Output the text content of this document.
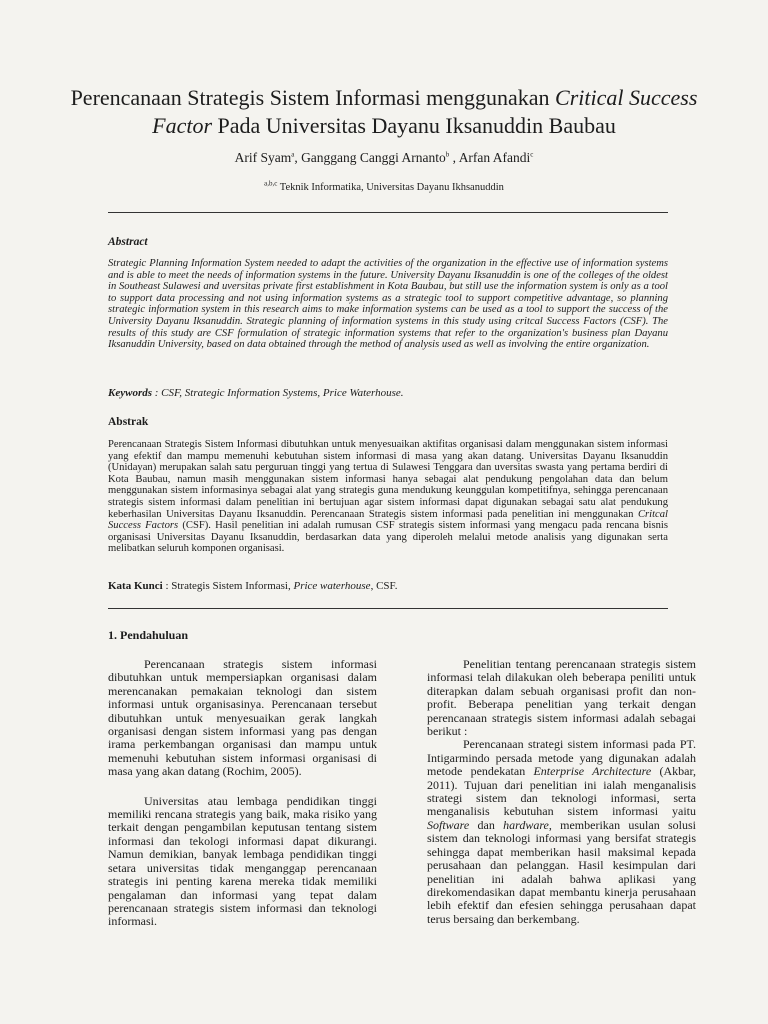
Perencanaan Strategis Sistem Informasi menggunakan Critical Success Factor Pada Universitas Dayanu Iksanuddin Baubau
Arif Syam$^a$, Ganggang Canggi Arnanto$^b$ , Arfan Afandi$^c$
$^{a,b,c}$ Teknik Informatika, Universitas Dayanu Ikhsanuddin
Abstract

Strategic Planning Information System needed to adapt the activities of the organization in the effective use of information systems and is able to meet the needs of information systems in the future. University Dayanu Iksanuddin is one of the colleges of the oldest in Southeast Sulawesi and uversitas private first establishment in Kota Baubau, but still use the information system is only as a tool to support data processing and not using information systems as a strategic tool to support competitive advantage, so planning strategic information system in this research aims to make information systems can be used as a tool to support the success of the University Dayanu Iksanuddin. Strategic planning of information systems in this study using critcal Success Factors (CSF). The results of this study are CSF formulation of strategic information systems that refer to the organization's business plan Dayanu Iksanuddin University, based on data obtained through the method of analysis used as well as involving the entire organization.

Keywords : CSF, Strategic Information Systems, Price Waterhouse.
Abstrak

Perencanaan Strategis Sistem Informasi dibutuhkan untuk menyesuaikan aktifitas organisasi dalam menggunakan sistem informasi yang efektif dan mampu memenuhi kebutuhan sistem informasi di masa yang akan datang. Universitas Dayanu Iksanuddin (Unidayan) merupakan salah satu perguruan tinggi yang tertua di Sulawesi Tenggara dan uversitas swasta yang pertama berdiri di Kota Baubau, namun masih menggunakan sistem informasi hanya sebagai alat pendukung pengolahan data dan belum menggunakan sistem informasinya sebagai alat yang strategis guna mendukung keunggulan kompetitifnya, sehingga perencanaan strategis sistem informasi dalam penelitian ini bertujuan agar sistem informasi dapat digunakan sebagai satu alat pendukung keberhasilan Universitas Dayanu Iksanuddin. Perencanaan Strategis sistem informasi pada penelitian ini menggunakan Critcal Success Factors (CSF). Hasil penelitian ini adalah rumusan CSF strategis sistem informasi yang mengacu pada rencana bisnis organisasi Universitas Dayanu Iksanuddin, berdasarkan data yang diperoleh melalui metode analisis yang digunakan serta melibatkan seluruh komponen organisasi.

Kata Kunci : Strategis Sistem Informasi, Price waterhouse, CSF.
1. Pendahuluan

Perencanaan strategis sistem informasi dibutuhkan untuk mempersiapkan organisasi dalam merencanakan pemakaian teknologi dan sistem informasi untuk organisasinya. Perencanaan tersebut dibutuhkan untuk menyesuaikan gerak langkah organisasi dengan sistem informasi yang pas dengan irama perkembangan organisasi dan mampu untuk memenuhi kebutuhan sistem informasi organisasi di masa yang akan datang (Rochim, 2005).

Universitas atau lembaga pendidikan tinggi memiliki rencana strategis yang baik, maka risiko yang terkait dengan pengambilan keputusan tentang sistem informasi dan tekologi informasi dapat dikurangi. Namun demikian, banyak lembaga pendidikan tinggi setara universitas tidak menganggap perencanaan strategis ini penting karena mereka tidak memiliki pengalaman dan informasi yang tepat dalam perencanaan strategis sistem informasi dan teknologi informasi.

Penelitian tentang perencanaan strategis sistem informasi telah dilakukan oleh beberapa peniliti untuk diterapkan dalam sebuah organisasi profit dan non-profit. Beberapa penelitian yang terkait dengan perencanaan strategis sistem informasi adalah sebagai berikut :

Perencanaan strategi sistem informasi pada PT. Intigarmindo persada metode yang digunakan adalah metode pendekatan Enterprise Architecture (Akbar, 2011). Tujuan dari penelitian ini ialah menganalisis strategi sistem dan teknologi informasi, serta menganalisis kebutuhan sistem informasi yaitu Software dan hardware, memberikan usulan solusi sistem dan teknologi informasi yang bersifat strategis sehingga dapat memberikan hasil maksimal kepada perusahaan dan pelanggan. Hasil kesimpulan dari penelitian ini adalah bahwa aplikasi yang direkomendasikan dapat membantu kinerja perusahaan lebih efektif dan efesien sehingga perusahaan dapat terus bersaing dan berkembang.
